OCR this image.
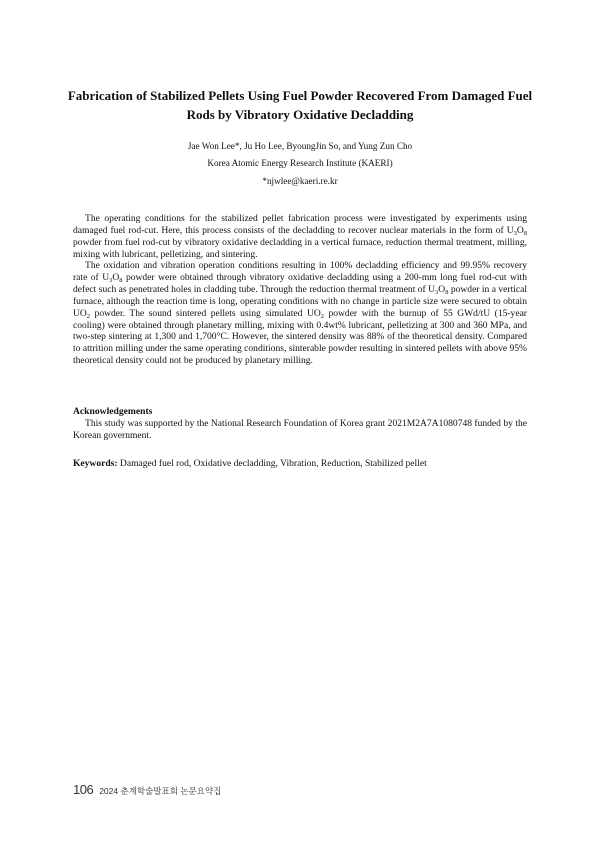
Fabrication of Stabilized Pellets Using Fuel Powder Recovered From Damaged Fuel Rods by Vibratory Oxidative Decladding
Jae Won Lee*, Ju Ho Lee, ByoungJin So, and Yung Zun Cho
Korea Atomic Energy Research Institute (KAERI)
*njwlee@kaeri.re.kr

The operating conditions for the stabilized pellet fabrication process were investigated by experiments using damaged fuel rod-cut. Here, this process consists of the decladding to recover nuclear materials in the form of $U_3O_8$ powder from fuel rod-cut by vibratory oxidative decladding in a vertical furnace, reduction thermal treatment, milling, mixing with lubricant, pelletizing, and sintering.

The oxidation and vibration operation conditions resulting in 100% decladding efficiency and 99.95% recovery rate of $U_3O_8$ powder were obtained through vibratory oxidative decladding using a 200-mm long fuel rod-cut with defect such as penetrated holes in cladding tube. Through the reduction thermal treatment of $U_3O_8$ powder in a vertical furnace, although the reaction time is long, operating conditions with no change in particle size were secured to obtain $UO_2$ powder. The sound sintered pellets using simulated $UO_2$ powder with the burnup of 55 GWd/tU (15-year cooling) were obtained through planetary milling, mixing with 0.4wt% lubricant, pelletizing at 300 and 360 MPa, and two-step sintering at 1,300 and 1,700°C. However, the sintered density was 88% of the theoretical density. Compared to attrition milling under the same operating conditions, sinterable powder resulting in sintered pellets with above 95% theoretical density could not be produced by planetary milling.

Acknowledgements

This study was supported by the National Research Foundation of Korea grant 2021M2A7A1080748 funded by the Korean government.

Keywords: Damaged fuel rod, Oxidative decladding, Vibration, Reduction, Stabilized pellet
106 2024 춘계학술발표회 논문요약집
